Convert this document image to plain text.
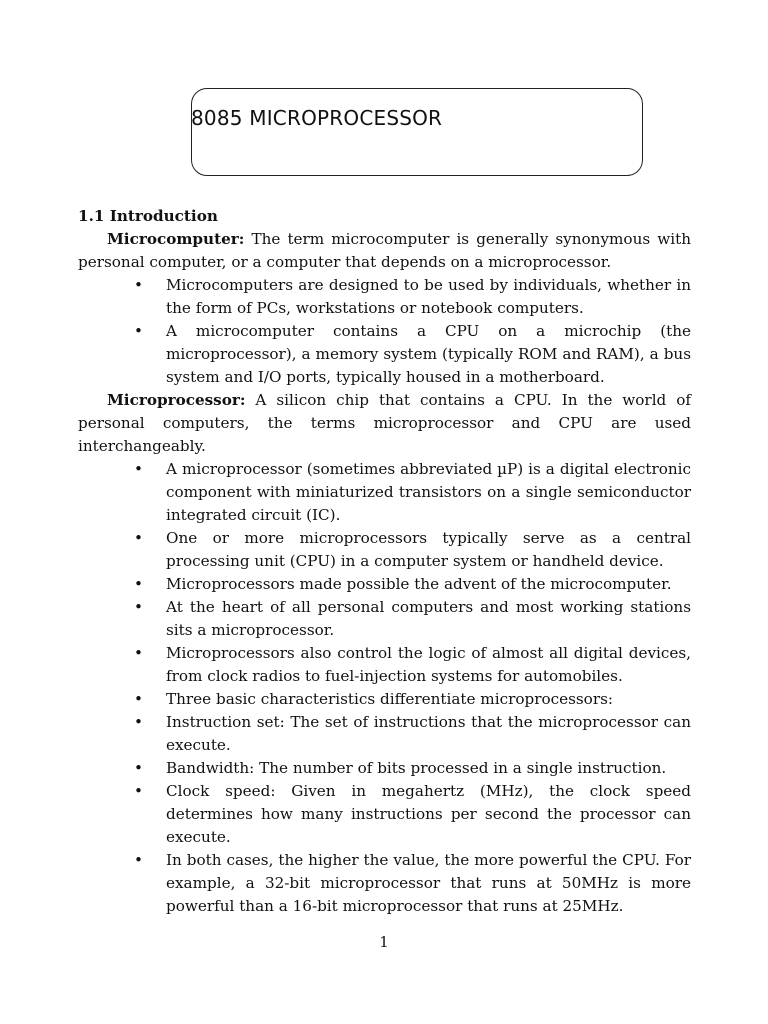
8085 MICROPROCESSOR

1.1 Introduction

Microcomputer: The term microcomputer is generally synonymous with personal computer, or a computer that depends on a microprocessor.

• Microcomputers are designed to be used by individuals, whether in the form of PCs, workstations or notebook computers.
• A microcomputer contains a CPU on a microchip (the microprocessor), a memory system (typically ROM and RAM), a bus system and I/O ports, typically housed in a motherboard.

Microprocessor: A silicon chip that contains a CPU. In the world of personal computers, the terms microprocessor and CPU are used interchangeably.

• A microprocessor (sometimes abbreviated µP) is a digital electronic component with miniaturized transistors on a single semiconductor integrated circuit (IC).
• One or more microprocessors typically serve as a central processing unit (CPU) in a computer system or handheld device.
• Microprocessors made possible the advent of the microcomputer.
• At the heart of all personal computers and most working stations sits a microprocessor.
• Microprocessors also control the logic of almost all digital devices, from clock radios to fuel-injection systems for automobiles.
• Three basic characteristics differentiate microprocessors:
• Instruction set: The set of instructions that the microprocessor can execute.
• Bandwidth: The number of bits processed in a single instruction.
• Clock speed: Given in megahertz (MHz), the clock speed determines how many instructions per second the processor can execute.
• In both cases, the higher the value, the more powerful the CPU. For example, a 32-bit microprocessor that runs at 50MHz is more powerful than a 16-bit microprocessor that runs at 25MHz.
1
